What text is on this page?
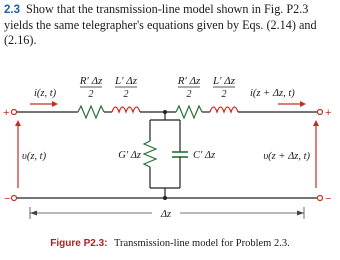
2.3 Show that the transmission-line model shown in Fig. P2.3 yields the same telegrapher's equations given by Eqs. (2.14) and (2.16).
R′ Δz
2
L′ Δz
2
R′ Δz
2
L′ Δz
2
i(z, t)	i(z + Δz, t)
υ(z, t)	υ(z + Δz, t)
G′ Δz	C′ Δz
Δz
+	+
−	−
Figure P2.3: Transmission-line model for Problem 2.3.
